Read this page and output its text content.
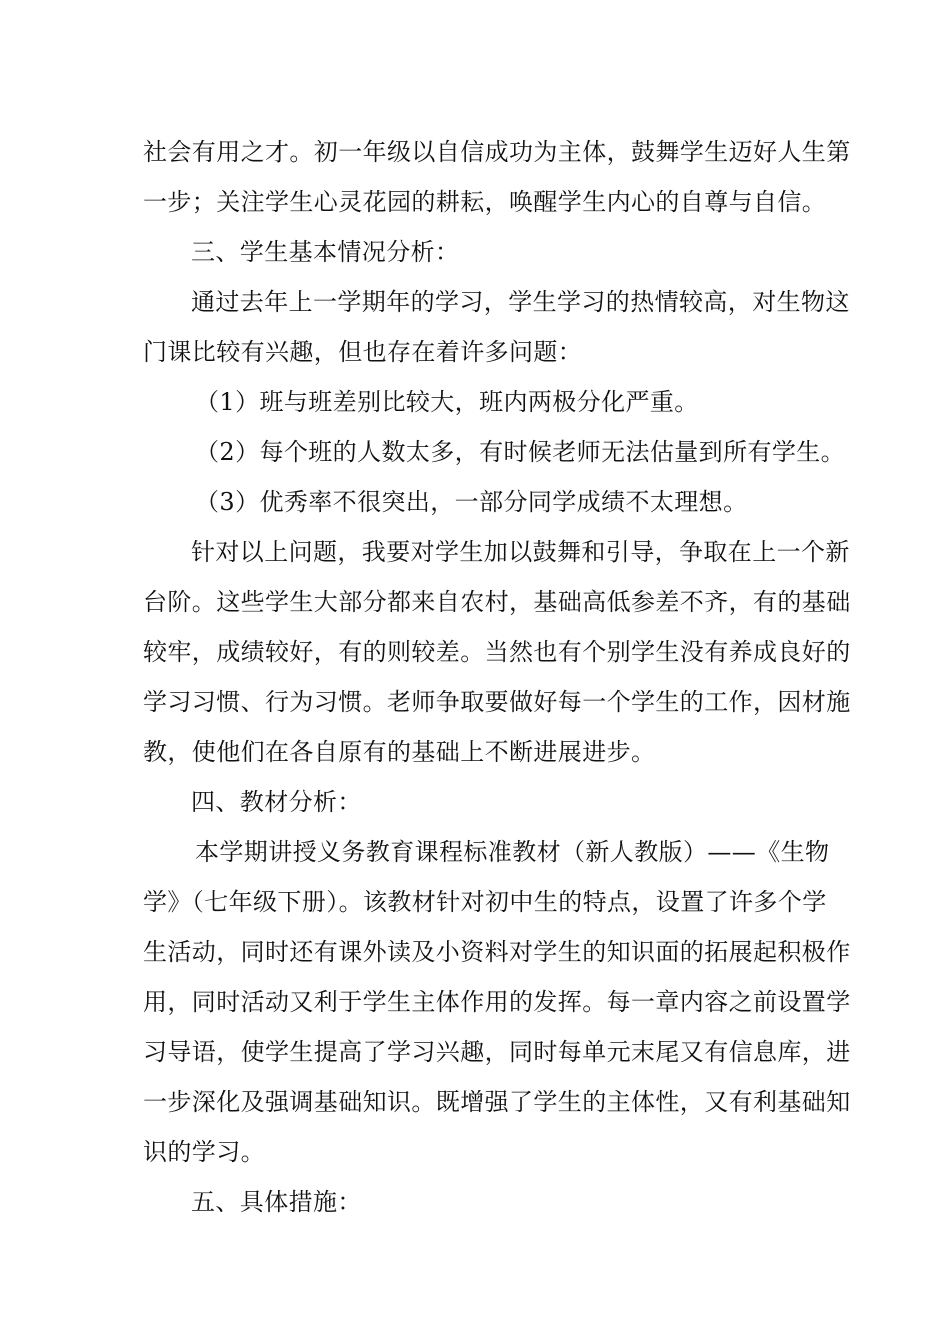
社会有用之才。初一年级以自信成功为主体，鼓舞学生迈好人生第
一步；关注学生心灵花园的耕耘，唤醒学生内心的自尊与自信。
三、学生基本情况分析：
通过去年上一学期年的学习，学生学习的热情较高，对生物这
门课比较有兴趣，但也存在着许多问题：
（1）班与班差别比较大，班内两极分化严重。
（2）每个班的人数太多，有时候老师无法估量到所有学生。
（3）优秀率不很突出，一部分同学成绩不太理想。
针对以上问题，我要对学生加以鼓舞和引导，争取在上一个新
台阶。这些学生大部分都来自农村，基础高低参差不齐，有的基础
较牢，成绩较好，有的则较差。当然也有个别学生没有养成良好的
学习习惯、行为习惯。老师争取要做好每一个学生的工作，因材施
教，使他们在各自原有的基础上不断进展进步。
四、教材分析：
本学期讲授义务教育课程标准教材（新人教版）——《生物
学》（七年级下册）。该教材针对初中生的特点，设置了许多个学
生活动，同时还有课外读及小资料对学生的知识面的拓展起积极作
用，同时活动又利于学生主体作用的发挥。每一章内容之前设置学
习导语，使学生提高了学习兴趣，同时每单元末尾又有信息库，进
一步深化及强调基础知识。既增强了学生的主体性，又有利基础知
识的学习。
五、具体措施：
